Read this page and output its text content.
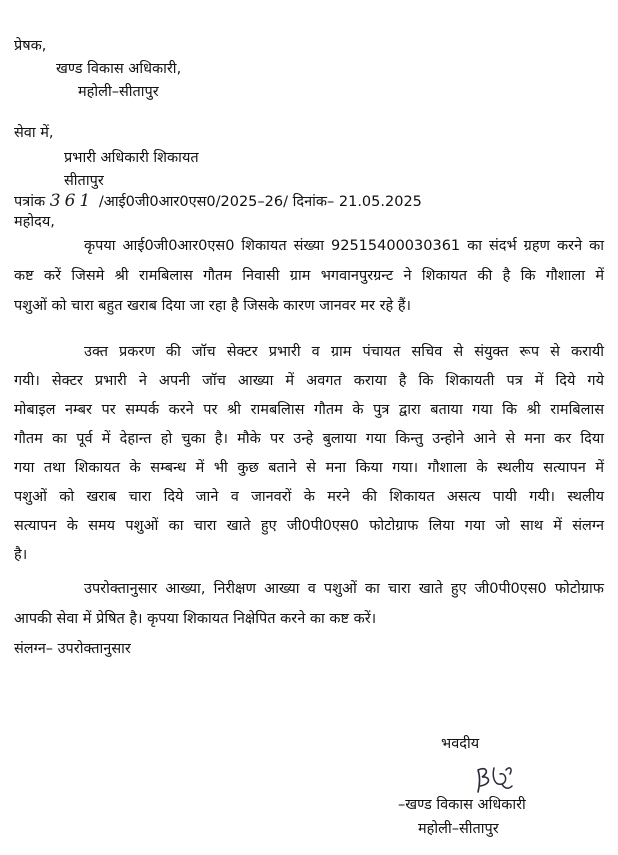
प्रेषक,
खण्ड विकास अधिकारी,
महोली–सीतापुर
सेवा में,
प्रभारी अधिकारी शिकायत
सीतापुर
पत्रांक 361 /आई0जी0आर0एस0/2025–26/ दिनांक– 21.05.2025
महोदय,
कृपया आई0जी0आर0एस0 शिकायत संख्या 92515400030361 का संदर्भ ग्रहण करने का
कष्ट करें जिसमे श्री रामबिलास गौतम निवासी ग्राम भगवानपुरग्रन्ट ने शिकायत की है कि गौशाला में
पशुओं को चारा बहुत खराब दिया जा रहा है जिसके कारण जानवर मर रहे हैं।
उक्त प्रकरण की जॉच सेक्टर प्रभारी व ग्राम पंचायत सचिव से संयुक्त रूप से करायी
गयी। सेक्टर प्रभारी ने अपनी जॉच आख्या में अवगत कराया है कि शिकायती पत्र में दिये गये
मोबाइल नम्बर पर सम्पर्क करने पर श्री रामबलिास गौतम के पुत्र द्वारा बताया गया कि श्री रामबिलास
गौतम का पूर्व में देहान्त हो चुका है। मौके पर उन्हे बुलाया गया किन्तु उन्होने आने से मना कर दिया
गया तथा शिकायत के सम्बन्ध में भी कुछ बताने से मना किया गया। गौशाला के स्थलीय सत्यापन में
पशुओं को खराब चारा दिये जाने व जानवरों के मरने की शिकायत असत्य पायी गयी। स्थलीय
सत्यापन के समय पशुओं का चारा खाते हुए जी0पी0एस0 फोटोग्राफ लिया गया जो साथ में संलग्न
है।
उपरोक्तानुसार आख्या, निरीक्षण आख्या व पशुओं का चारा खाते हुए जी0पी0एस0 फोटोग्राफ
आपकी सेवा में प्रेषित है। कृपया शिकायत निक्षेपित करने का कष्ट करें।
संलग्न– उपरोक्तानुसार
भवदीय
–खण्ड विकास अधिकारी
महोली–सीतापुर
